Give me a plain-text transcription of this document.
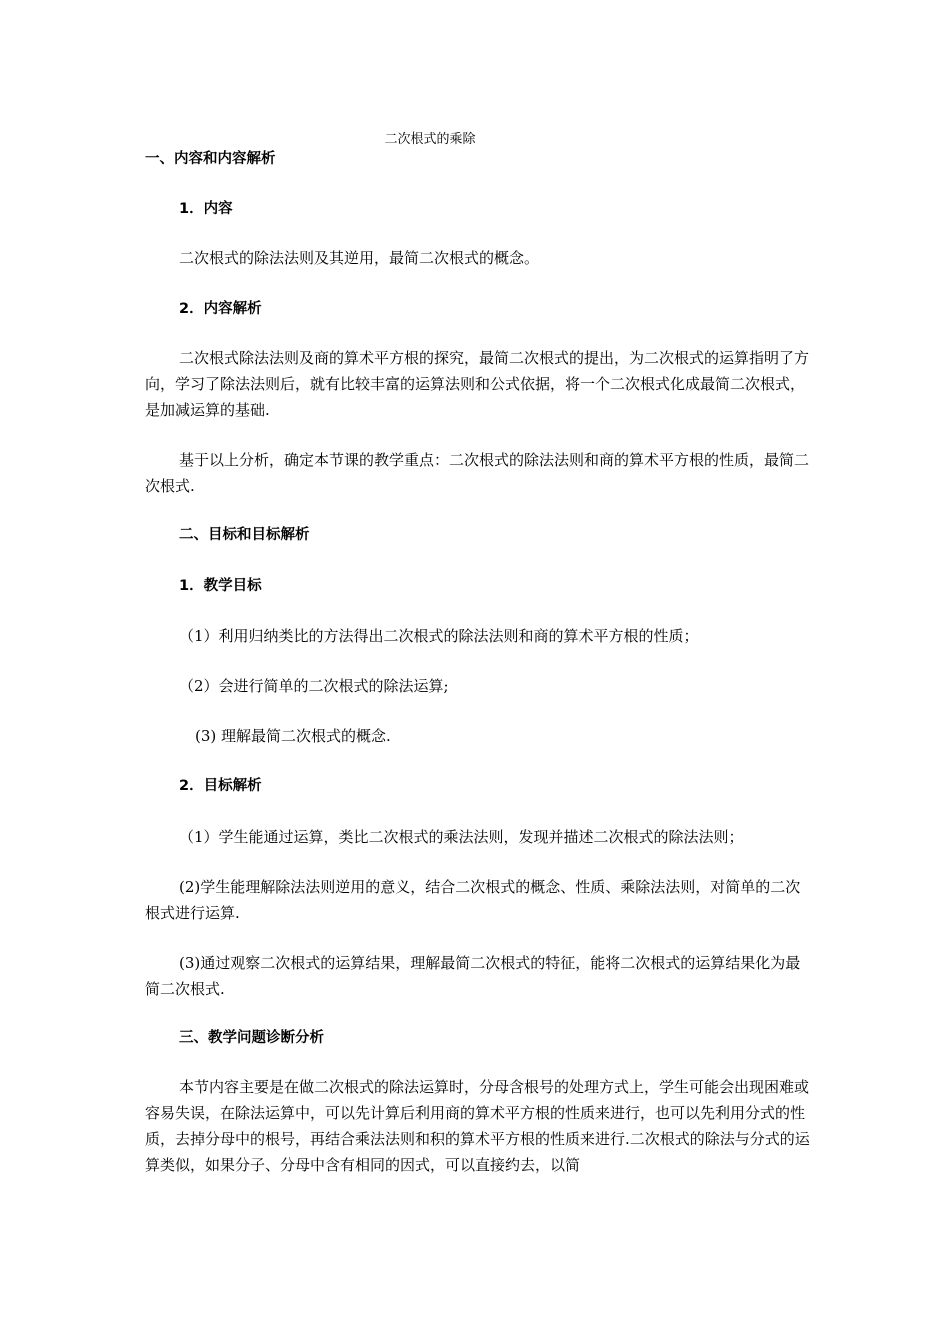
二次根式的乘除

一、内容和内容解析

1．内容

二次根式的除法法则及其逆用，最简二次根式的概念。

2．内容解析

二次根式除法法则及商的算术平方根的探究，最简二次根式的提出，为二次根式的运算指明了方向，学习了除法法则后，就有比较丰富的运算法则和公式依据，将一个二次根式化成最简二次根式，是加减运算的基础.

基于以上分析，确定本节课的教学重点：二次根式的除法法则和商的算术平方根的性质，最简二次根式.

二、目标和目标解析

1．教学目标

（1）利用归纳类比的方法得出二次根式的除法法则和商的算术平方根的性质；

（2）会进行简单的二次根式的除法运算;

(3) 理解最简二次根式的概念.

2．目标解析

（1）学生能通过运算，类比二次根式的乘法法则，发现并描述二次根式的除法法则；

(2)学生能理解除法法则逆用的意义，结合二次根式的概念、性质、乘除法法则，对简单的二次根式进行运算.

(3)通过观察二次根式的运算结果，理解最简二次根式的特征，能将二次根式的运算结果化为最简二次根式.

三、教学问题诊断分析

本节内容主要是在做二次根式的除法运算时，分母含根号的处理方式上，学生可能会出现困难或容易失误，在除法运算中，可以先计算后利用商的算术平方根的性质来进行，也可以先利用分式的性质，去掉分母中的根号，再结合乘法法则和积的算术平方根的性质来进行.二次根式的除法与分式的运算类似，如果分子、分母中含有相同的因式，可以直接约去，以简
